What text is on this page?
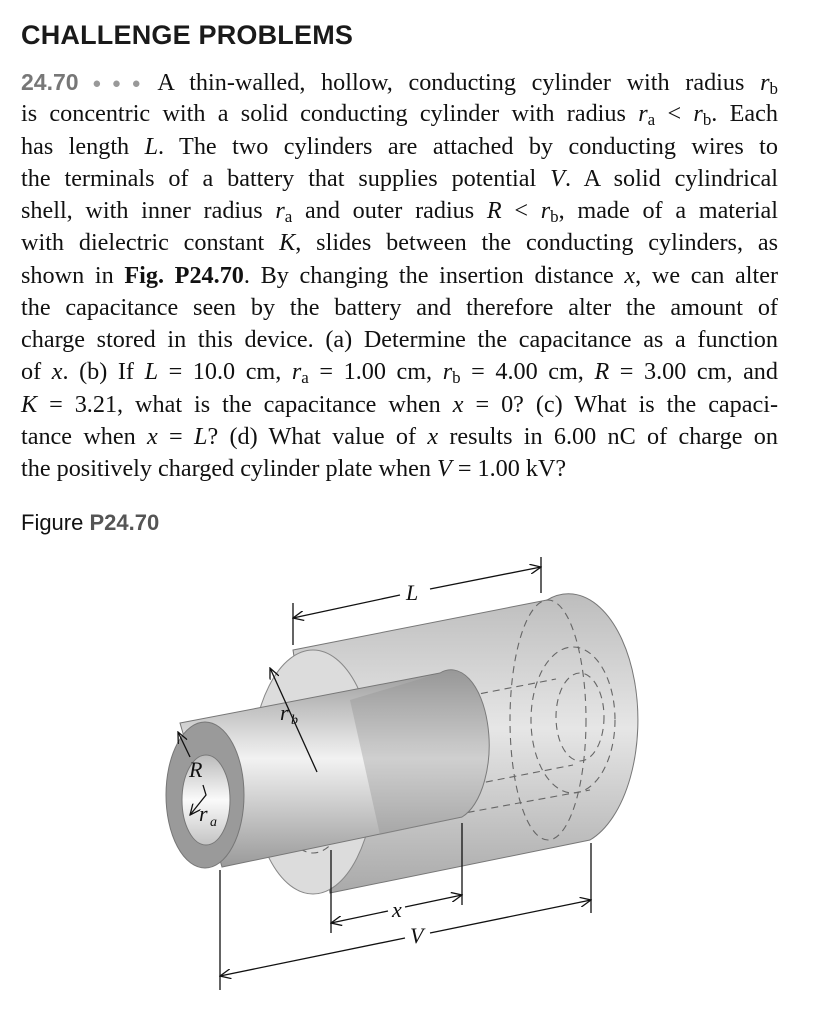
CHALLENGE PROBLEMS
24.70 ●●● A thin-walled, hollow, conducting cylinder with radius $r_b$
is concentric with a solid conducting cylinder with radius $r_a < r_b$. Each
has length L. The two cylinders are attached by conducting wires to
the terminals of a battery that supplies potential V. A solid cylindrical
shell, with inner radius $r_a$ and outer radius $R < r_b$, made of a material
with dielectric constant K, slides between the conducting cylinders, as
shown in Fig. P24.70. By changing the insertion distance x, we can alter
the capacitance seen by the battery and therefore alter the amount of
charge stored in this device. (a) Determine the capacitance as a function
of x. (b) If L = 10.0 cm, $r_a = 1.00$ cm, $r_b = 4.00$ cm, R = 3.00 cm, and
K = 3.21, what is the capacitance when x = 0? (c) What is the capaci-
tance when x = L? (d) What value of x results in 6.00 nC of charge on
the positively charged cylinder plate when V = 1.00 kV?
Figure P24.70
L
x
V
R
r b
r a
